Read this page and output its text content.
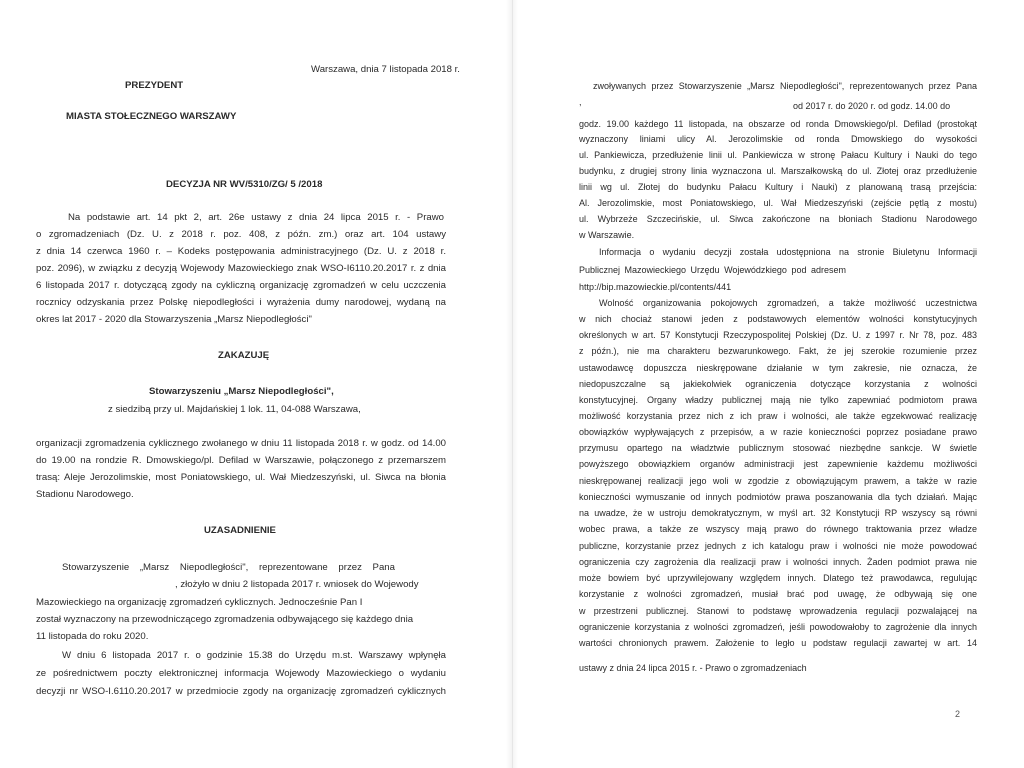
Warszawa, dnia 7 listopada 2018 r.
PREZYDENT
MIASTA STOŁECZNEGO WARSZAWY
DECYZJA NR WV/5310/ZG/ 5 /2018
Na podstawie art. 14 pkt 2, art. 26e ustawy z dnia 24 lipca 2015 r. - Prawo
o zgromadzeniach (Dz. U. z 2018 r. poz. 408, z późn. zm.) oraz art. 104 ustawy
z dnia 14 czerwca 1960 r. – Kodeks postępowania administracyjnego (Dz. U. z 2018 r.
poz. 2096), w związku z decyzją Wojewody Mazowieckiego znak WSO-I6110.20.2017 r. z dnia
6 listopada 2017 r. dotyczącą zgody na cykliczną organizację zgromadzeń w celu uczczenia
rocznicy odzyskania przez Polskę niepodległości i wyrażenia dumy narodowej, wydaną na
okres lat 2017 - 2020 dla Stowarzyszenia „Marsz Niepodległości"
ZAKAZUJĘ
Stowarzyszeniu „Marsz Niepodległości",
z siedzibą przy ul. Majdańskiej 1 lok. 11, 04-088 Warszawa,
organizacji zgromadzenia cyklicznego zwołanego w dniu 11 listopada 2018 r. w godz. od 14.00
do 19.00 na rondzie R. Dmowskiego/pl. Defilad w Warszawie, połączonego z przemarszem
trasą: Aleje Jerozolimskie, most Poniatowskiego, ul. Wał Miedzeszyński, ul. Siwca na błonia
Stadionu Narodowego.
UZASADNIENIE
Stowarzyszenie „Marsz Niepodległości", reprezentowane przez Pana
, złożyło w dniu 2 listopada 2017 r. wniosek do Wojewody
Mazowieckiego na organizację zgromadzeń cyklicznych. Jednocześnie Pan I
został wyznaczony na przewodniczącego zgromadzenia odbywającego się każdego dnia
11 listopada do roku 2020.
W dniu 6 listopada 2017 r. o godzinie 15.38 do Urzędu m.st. Warszawy wpłynęła
ze pośrednictwem poczty elektronicznej informacja Wojewody Mazowieckiego o wydaniu
decyzji nr WSO-I.6110.20.2017 w przedmiocie zgody na organizację zgromadzeń cyklicznych
zwoływanych przez Stowarzyszenie „Marsz Niepodległości", reprezentowanych przez Pana
,	od 2017 r. do 2020 r. od godz. 14.00 do
godz. 19.00 każdego 11 listopada, na obszarze od ronda Dmowskiego/pl. Defilad (prostokąt
wyznaczony liniami ulicy Al. Jerozolimskie od ronda Dmowskiego do wysokości
ul. Pankiewicza, przedłużenie linii ul. Pankiewicza w stronę Pałacu Kultury i Nauki do tego
budynku, z drugiej strony linia wyznaczona ul. Marszałkowską do ul. Złotej oraz przedłużenie
linii wg ul. Złotej do budynku Pałacu Kultury i Nauki) z planowaną trasą przejścia:
Al. Jerozolimskie, most Poniatowskiego, ul. Wał Miedzeszyński (zejście pętlą z mostu)
ul. Wybrzeże Szczecińskie, ul. Siwca zakończone na błoniach Stadionu Narodowego
w Warszawie.
Informacja o wydaniu decyzji została udostępniona na stronie Biuletynu Informacji
Publicznej Mazowieckiego Urzędu Wojewódzkiego pod adresem
http://bip.mazowieckie.pl/contents/441
Wolność organizowania pokojowych zgromadzeń, a także możliwość uczestnictwa
w nich chociaż stanowi jeden z podstawowych elementów wolności konstytucyjnych
określonych w art. 57 Konstytucji Rzeczypospolitej Polskiej (Dz. U. z 1997 r. Nr 78, poz. 483
z późn.), nie ma charakteru bezwarunkowego. Fakt, że jej szerokie rozumienie przez
ustawodawcę dopuszcza nieskrępowane działanie w tym zakresie, nie oznacza, że
niedopuszczalne są jakiekolwiek ograniczenia dotyczące korzystania z wolności
konstytucyjnej. Organy władzy publicznej mają nie tylko zapewniać podmiotom prawa
możliwość korzystania przez nich z ich praw i wolności, ale także egzekwować realizację
obowiązków wypływających z przepisów, a w razie konieczności poprzez posiadane prawo
przymusu opartego na władztwie publicznym stosować niezbędne sankcje. W świetle
powyższego obowiązkiem organów administracji jest zapewnienie każdemu możliwości
nieskrępowanej realizacji jego woli w zgodzie z obowiązującym prawem, a także w razie
konieczności wymuszanie od innych podmiotów prawa poszanowania dla tych działań. Mając
na uwadze, że w ustroju demokratycznym, w myśl art. 32 Konstytucji RP wszyscy są równi
wobec prawa, a także ze wszyscy mają prawo do równego traktowania przez władze
publiczne, korzystanie przez jednych z ich katalogu praw i wolności nie może powodować
ograniczenia czy zagrożenia dla realizacji praw i wolności innych. Żaden podmiot prawa nie
może bowiem być uprzywilejowany względem innych. Dlatego też prawodawca, regulując
korzystanie z wolności zgromadzeń, musiał brać pod uwagę, że odbywają się one
w przestrzeni publicznej. Stanowi to podstawę wprowadzenia regulacji pozwalającej na
ograniczenie korzystania z wolności zgromadzeń, jeśli powodowałoby to zagrożenie dla innych
wartości chronionych prawem. Założenie to legło u podstaw regulacji zawartej w art. 14
ustawy z dnia 24 lipca 2015 r. - Prawo o zgromadzeniach
2
